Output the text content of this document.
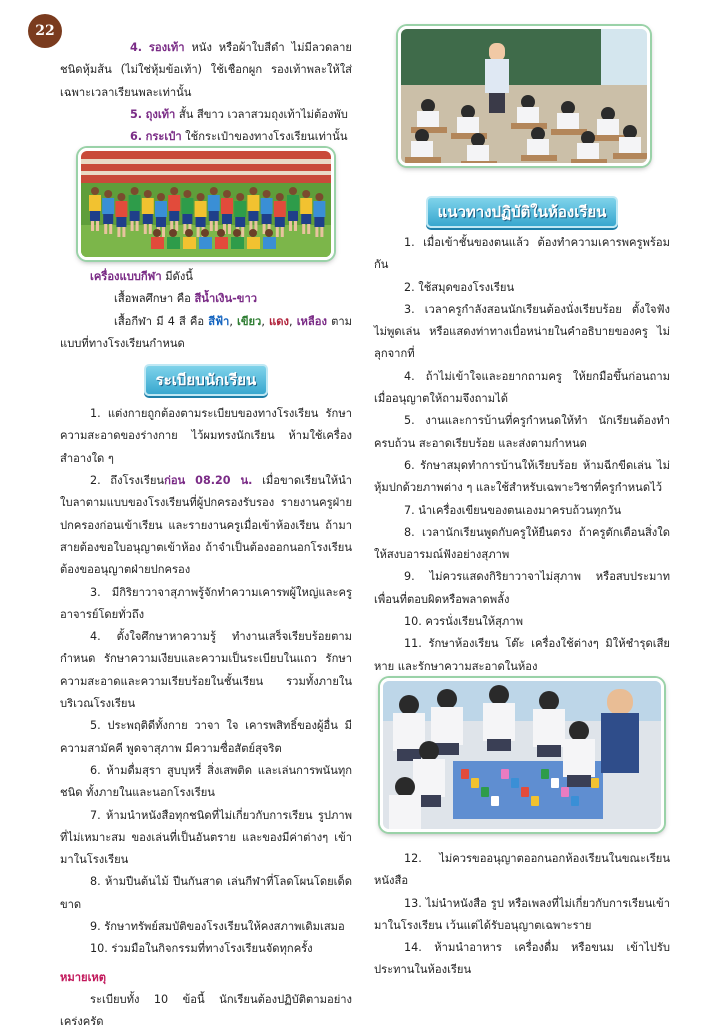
22

4. รองเท้า หนัง หรือผ้าใบสีดำ ไม่มีลวดลาย ชนิดหุ้มส้น (ไม่ใช่หุ้มข้อเท้า) ใช้เชือกผูก รองเท้าพละให้ใส่เฉพาะเวลาเรียนพละเท่านั้น

5. ถุงเท้า สั้น สีขาว เวลาสวมถุงเท้าไม่ต้องพับ

6. กระเป๋า ใช้กระเป๋าของทางโรงเรียนเท่านั้น

เครื่องแบบกีฬา มีดังนี้

เสื้อพลศึกษา คือ สีน้ำเงิน-ขาว

เสื้อกีฬา มี 4 สี คือ สีฟ้า, เขียว, แดง, เหลือง ตามแบบที่ทางโรงเรียนกำหนด

ระเบียบนักเรียน

1. แต่งกายถูกต้องตามระเบียบของทางโรงเรียน รักษาความสะอาดของร่างกาย ไว้ผมทรงนักเรียน ห้ามใช้เครื่องสำอางใด ๆ

2. ถึงโรงเรียนก่อน 08.20 น. เมื่อขาดเรียนให้นำใบลาตามแบบของโรงเรียนที่ผู้ปกครองรับรอง รายงานครูฝ่ายปกครองก่อนเข้าเรียน และรายงานครูเมื่อเข้าห้องเรียน ถ้ามาสายต้องขอใบอนุญาตเข้าห้อง ถ้าจำเป็นต้องออกนอกโรงเรียนต้องขออนุญาตฝ่ายปกครอง

3. มีกิริยาวาจาสุภาพรู้จักทำความเคารพผู้ใหญ่และครูอาจารย์โดยทั่วถึง

4. ตั้งใจศึกษาหาความรู้ ทำงานเสร็จเรียบร้อยตามกำหนด รักษาความเงียบและความเป็นระเบียบในแถว รักษาความสะอาดและความเรียบร้อยในชั้นเรียน รวมทั้งภายในบริเวณโรงเรียน

5. ประพฤติดีทั้งกาย วาจา ใจ เคารพสิทธิ์ของผู้อื่น มีความสามัคคี พูดจาสุภาพ มีความซื่อสัตย์สุจริต

6. ห้ามดื่มสุรา สูบบุหรี่ สิ่งเสพติด และเล่นการพนันทุกชนิด ทั้งภายในและนอกโรงเรียน

7. ห้ามนำหนังสือทุกชนิดที่ไม่เกี่ยวกับการเรียน รูปภาพที่ไม่เหมาะสม ของเล่นที่เป็นอันตราย และของมีค่าต่างๆ เข้ามาในโรงเรียน

8. ห้ามปีนต้นไม้ ปีนกันสาด เล่นกีฬาที่โลดโผนโดยเด็ดขาด

9. รักษาทรัพย์สมบัติของโรงเรียนให้คงสภาพเดิมเสมอ

10. ร่วมมือในกิจกรรมที่ทางโรงเรียนจัดทุกครั้ง

หมายเหตุ

ระเบียบทั้ง 10 ข้อนี้ นักเรียนต้องปฏิบัติตามอย่างเคร่งครัด

แนวทางปฏิบัติในห้องเรียน

1. เมื่อเข้าชั้นของตนแล้ว ต้องทำความเคารพครูพร้อมกัน

2. ใช้สมุดของโรงเรียน

3. เวลาครูกำลังสอนนักเรียนต้องนั่งเรียบร้อย ตั้งใจฟัง ไม่พูดเล่น หรือแสดงท่าทางเบื่อหน่ายในคำอธิบายของครู ไม่ลุกจากที่

4. ถ้าไม่เข้าใจและอยากถามครู ให้ยกมือขึ้นก่อนถาม เมื่ออนุญาตให้ถามจึงถามได้

5. งานและการบ้านที่ครูกำหนดให้ทำ นักเรียนต้องทำครบถ้วน สะอาดเรียบร้อย และส่งตามกำหนด

6. รักษาสมุดทำการบ้านให้เรียบร้อย ห้ามฉีกขีดเล่น ไม่หุ้มปกด้วยภาพต่าง ๆ และใช้สำหรับเฉพาะวิชาที่ครูกำหนดไว้

7. นำเครื่องเขียนของตนเองมาครบถ้วนทุกวัน

8. เวลานักเรียนพูดกับครูให้ยืนตรง ถ้าครูตักเตือนสิ่งใดให้สงบอารมณ์ฟังอย่างสุภาพ

9. ไม่ควรแสดงกิริยาวาจาไม่สุภาพ หรือสบประมาทเพื่อนที่ตอบผิดหรือพลาดพลั้ง

10. ควรนั่งเรียนให้สุภาพ

11. รักษาห้องเรียน โต๊ะ เครื่องใช้ต่างๆ มิให้ชำรุดเสียหาย และรักษาความสะอาดในห้อง

12. ไม่ควรขออนุญาตออกนอกห้องเรียนในขณะเรียนหนังสือ

13. ไม่นำหนังสือ รูป หรือเพลงที่ไม่เกี่ยวกับการเรียนเข้ามาในโรงเรียน เว้นแต่ได้รับอนุญาตเฉพาะราย

14. ห้ามนำอาหาร เครื่องดื่ม หรือขนม เข้าไปรับประทานในห้องเรียน
